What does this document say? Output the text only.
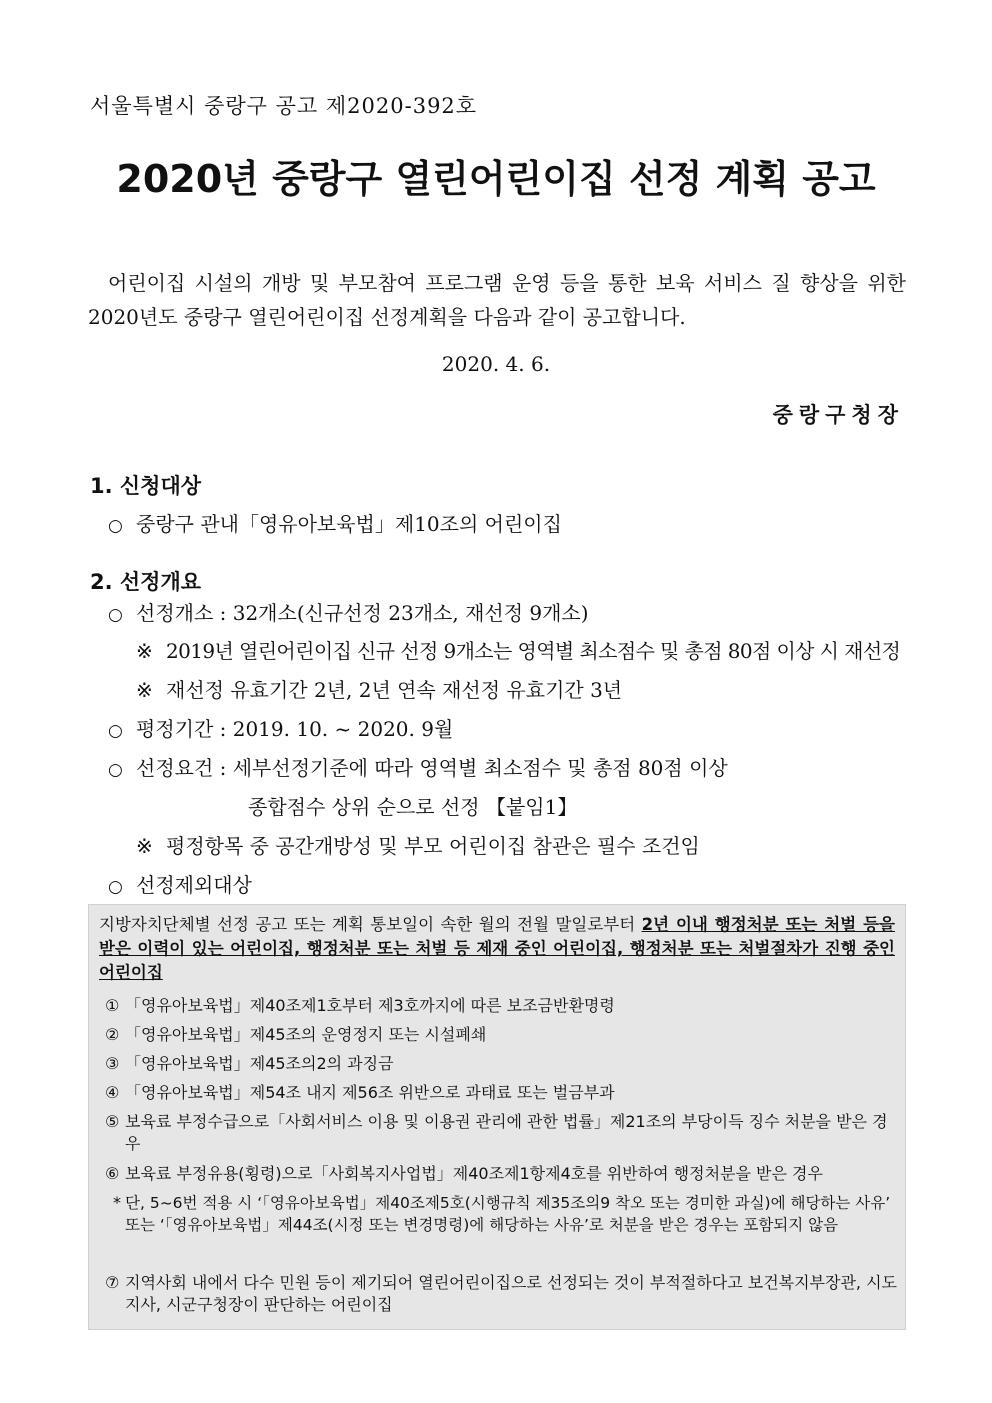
서울특별시 중랑구 공고 제2020-392호
2020년 중랑구 열린어린이집 선정 계획 공고
어린이집 시설의 개방 및 부모참여 프로그램 운영 등을 통한 보육 서비스 질 향상을 위한 2020년도 중랑구 열린어린이집 선정계획을 다음과 같이 공고합니다.
2020. 4. 6.
중랑구청장
1. 신청대상
○ 중랑구 관내「영유아보육법」제10조의 어린이집
2. 선정개요
○ 선정개소 : 32개소(신규선정 23개소, 재선정 9개소)
※ 2019년 열린어린이집 신규 선정 9개소는 영역별 최소점수 및 총점 80점 이상 시 재선정
※ 재선정 유효기간 2년, 2년 연속 재선정 유효기간 3년
○ 평정기간 : 2019. 10. ~ 2020. 9월
○ 선정요건 : 세부선정기준에 따라 영역별 최소점수 및 총점 80점 이상
종합점수 상위 순으로 선정 【붙임1】
※ 평정항목 중 공간개방성 및 부모 어린이집 참관은 필수 조건임
○ 선정제외대상
지방자치단체별 선정 공고 또는 계획 통보일이 속한 월의 전월 말일로부터 2년 이내 행정처분 또는 처벌 등을 받은 이력이 있는 어린이집, 행정처분 또는 처벌 등 제재 중인 어린이집, 행정처분 또는 처벌절차가 진행 중인 어린이집
① 「영유아보육법」제40조제1호부터 제3호까지에 따른 보조금반환명령
② 「영유아보육법」제45조의 운영정지 또는 시설폐쇄
③ 「영유아보육법」제45조의2의 과징금
④ 「영유아보육법」제54조 내지 제56조 위반으로 과태료 또는 벌금부과
⑤ 보육료 부정수급으로「사회서비스 이용 및 이용권 관리에 관한 법률」제21조의 부당이득 징수 처분을 받은 경우
⑥ 보육료 부정유용(횡령)으로「사회복지사업법」제40조제1항제4호를 위반하여 행정처분을 받은 경우
* 단, 5~6번 적용 시 ‘「영유아보육법」제40조제5호(시행규칙 제35조의9 착오 또는 경미한 과실)에 해당하는 사유’ 또는 ‘「영유아보육법」제44조(시정 또는 변경명령)에 해당하는 사유’로 처분을 받은 경우는 포함되지 않음
⑦ 지역사회 내에서 다수 민원 등이 제기되어 열린어린이집으로 선정되는 것이 부적절하다고 보건복지부장관, 시도지사, 시군구청장이 판단하는 어린이집
